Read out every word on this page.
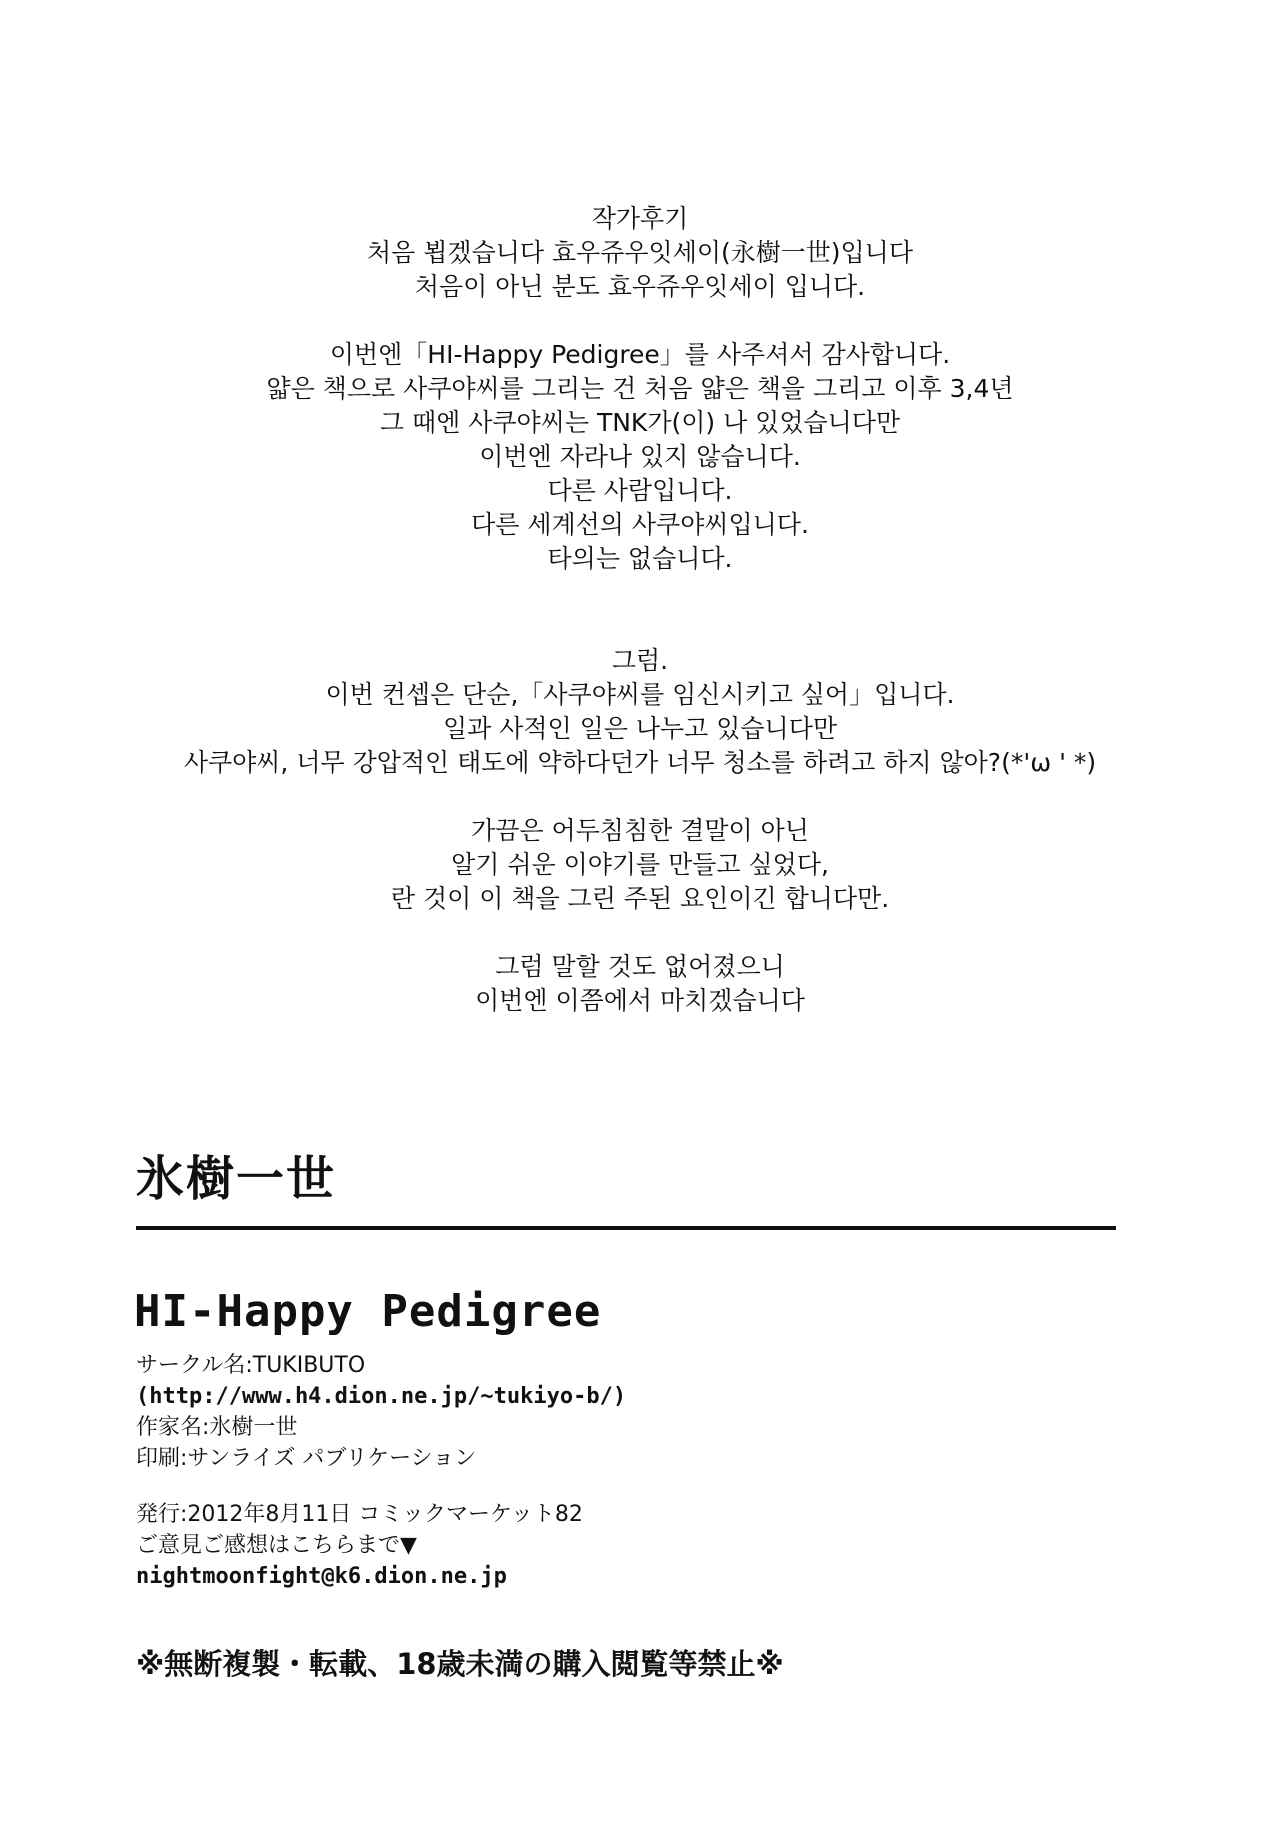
작가후기
처음 뵙겠습니다 효우쥬우잇세이(永樹一世)입니다
처음이 아닌 분도 효우쥬우잇세이 입니다.
이번엔「HI-Happy Pedigree」를 사주셔서 감사합니다.
얇은 책으로 사쿠야씨를 그리는 건 처음 얇은 책을 그리고 이후 3,4년
그 때엔 사쿠야씨는 TNK가(이) 나 있었습니다만
이번엔 자라나 있지 않습니다.
다른 사람입니다.
다른 세계선의 사쿠야씨입니다.
타의는 없습니다.
그럼.
이번 컨셉은 단순,「사쿠야씨를 임신시키고 싶어」입니다.
일과 사적인 일은 나누고 있습니다만
사쿠야씨, 너무 강압적인 태도에 약하다던가 너무 청소를 하려고 하지 않아?(*'ω ' *)
가끔은 어두침침한 결말이 아닌
알기 쉬운 이야기를 만들고 싶었다,
란 것이 이 책을 그린 주된 요인이긴 합니다만.
그럼 말할 것도 없어졌으니
이번엔 이쯤에서 마치겠습니다
氷樹一世
HI-Happy Pedigree
サークル名:TUKIBUTO
(http://www.h4.dion.ne.jp/~tukiyo-b/)
作家名:氷樹一世
印刷:サンライズ パブリケーション
発行:2012年8月11日 コミックマーケット82
ご意見ご感想はこちらまで▼
nightmoonfight@k6.dion.ne.jp
※無断複製・転載、18歳未満の購入閲覧等禁止※
